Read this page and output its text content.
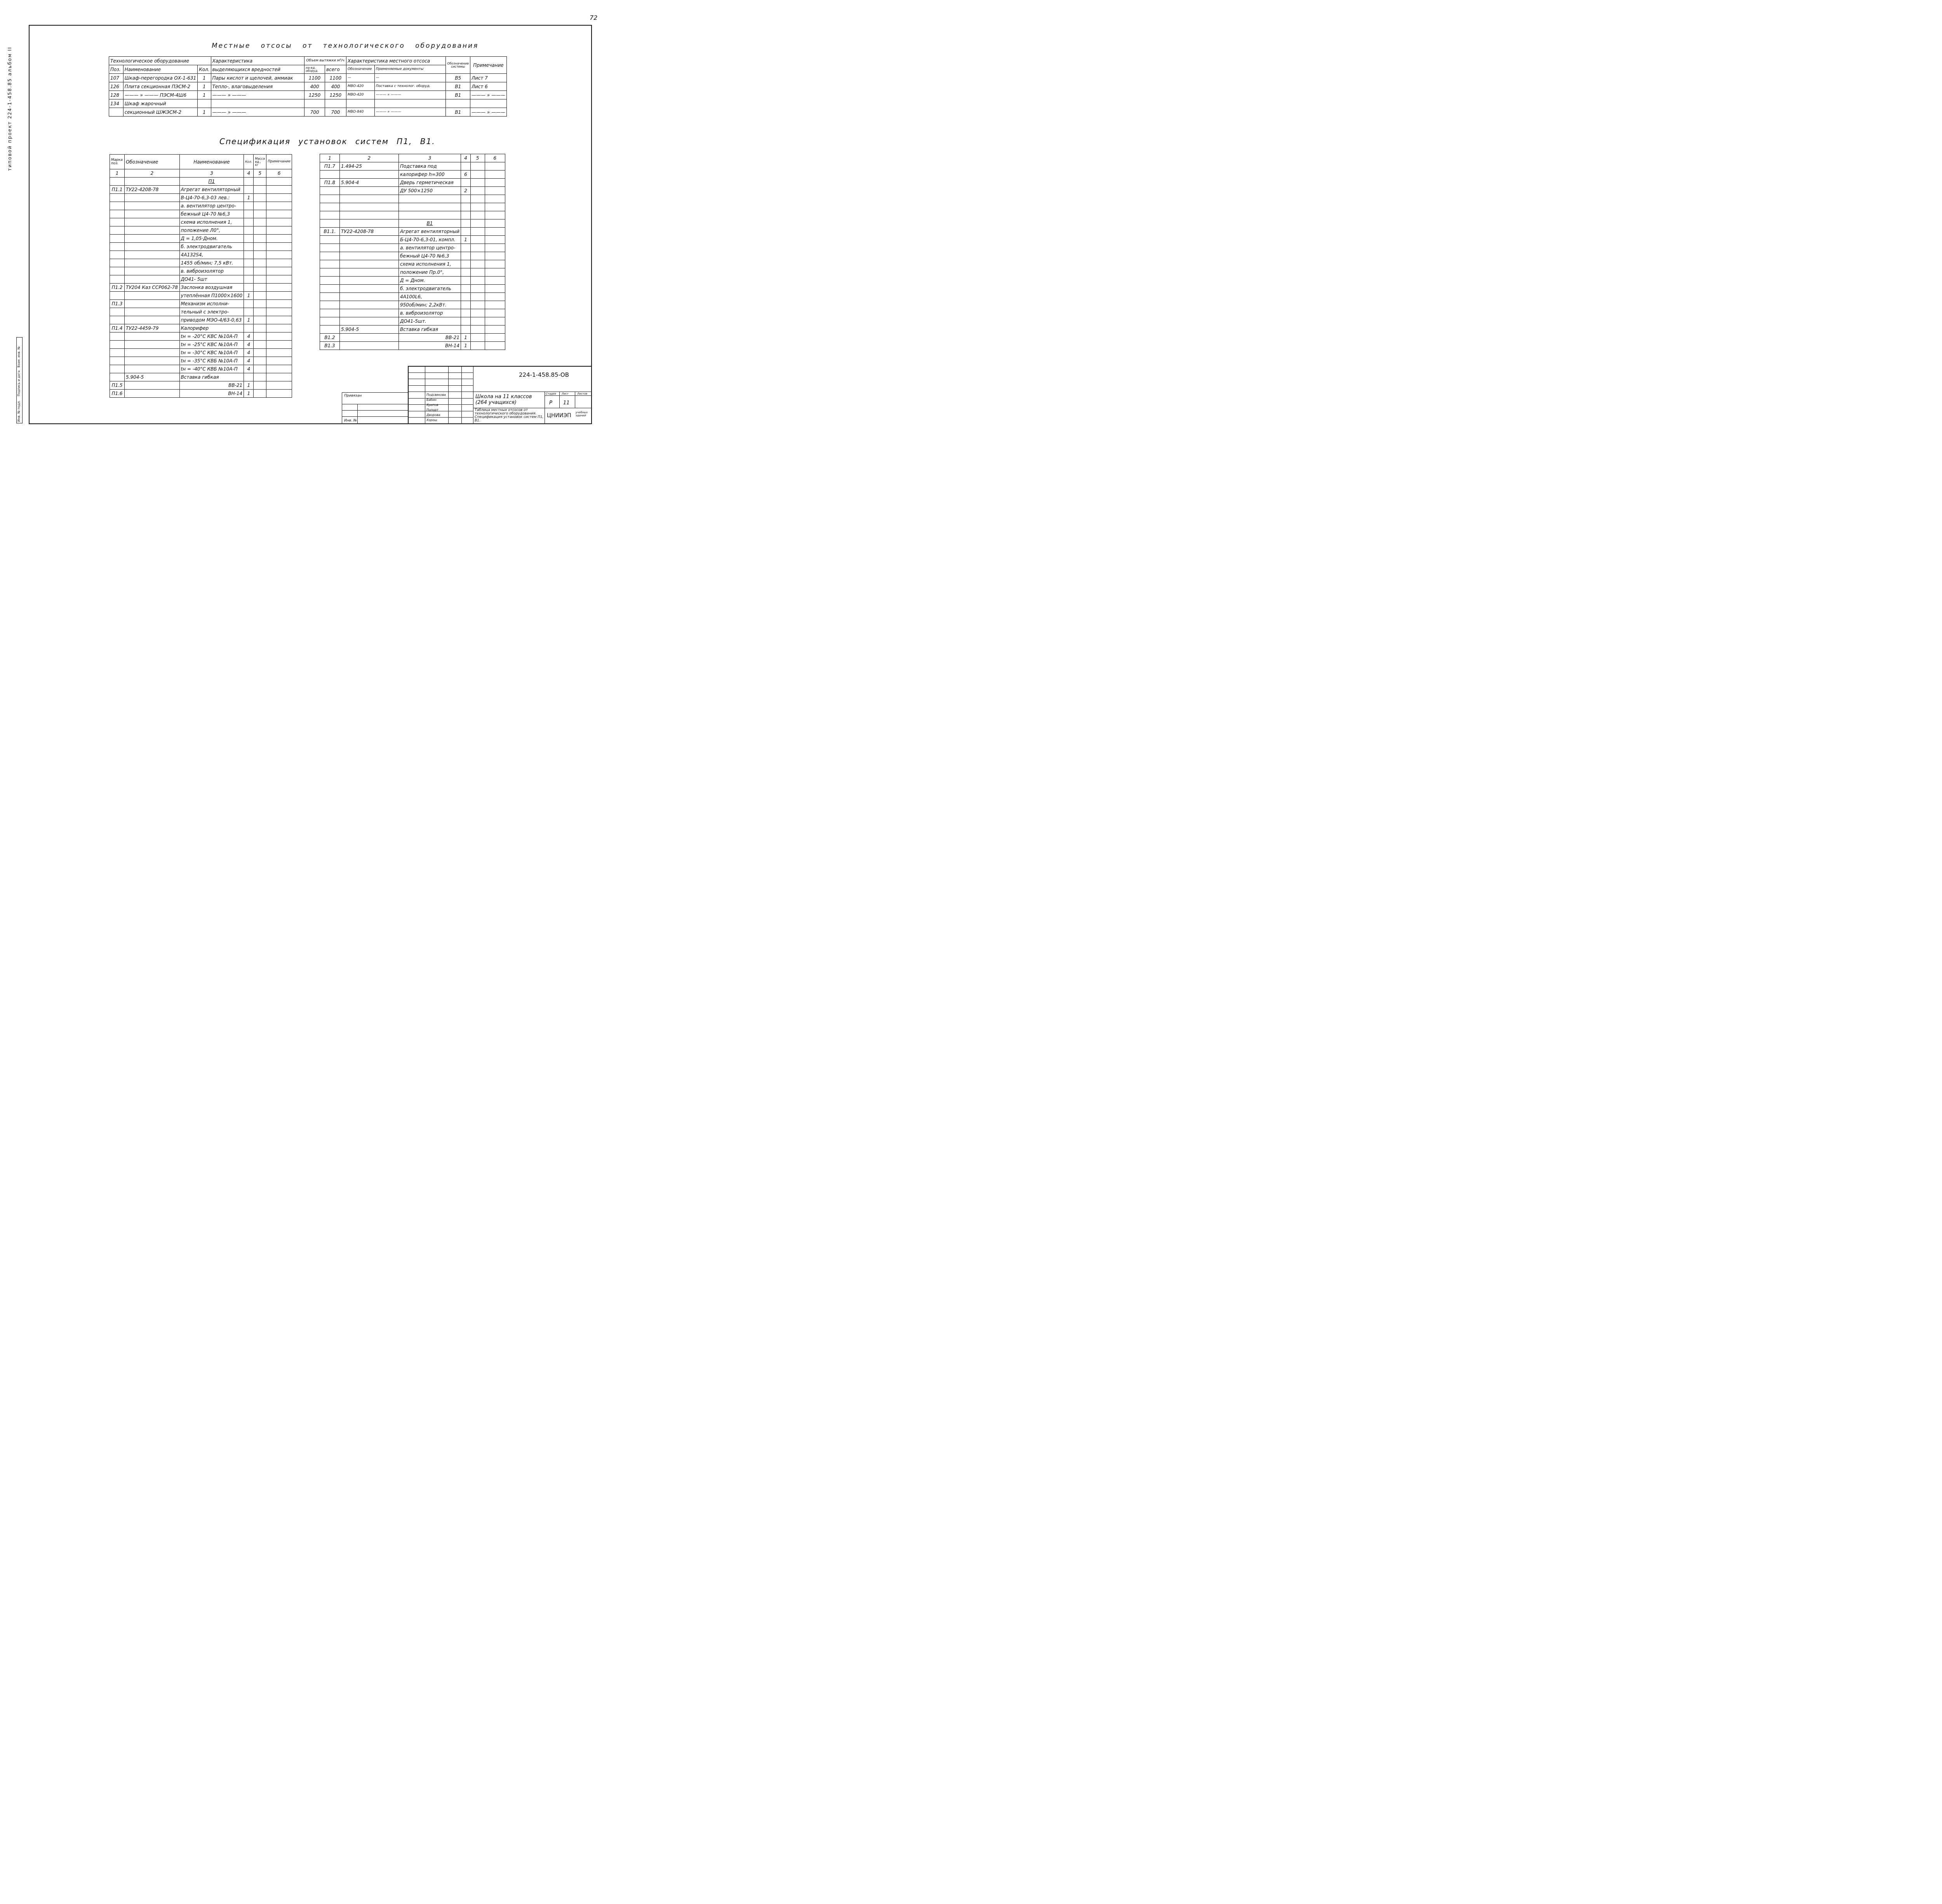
72
типовой проект 224-1-458.85 альбом II
Местные отсосы от технологического оборудования
Технологическое оборудование			Характеристика	Объем вытяжки м³/ч		Характеристика местного отсоса		Обозначение системы	Примечание
Поз.	Наименование	Кол.	выделяющихся вредностей	на ед. оборуд.	всего	Обозначение	Применяемые документы		
107	Шкаф-перегородка ОХ-1-631	1	Пары кислот и щелочей, аммиак	1100	1100	—	—	В5	Лист 7
126	Плита секционная ПЭСМ-2	1	Тепло-, влаговыделения	400	400	МВО-420	Поставка с технолог. оборуд.	В1	Лист 6
128	——— » ——— ПЭСМ-4Ш6	1	——— » ———	1250	1250	МВО-420	——— » ———	В1	——— » ———
134	Шкаф жарочный								
	секционный ШЖЭСМ-2	1	——— » ———	700	700	МВО-840	——— » ———	В1	——— » ———
Спецификация установок систем П1, В1.
Марка поз.	Обозначение	Наименование	Кол.	Масса ед., кг	Примечание
1	2	3	4	5	6
		П1			
П1.1	ТУ22-4208-78	Агрегат вентиляторный			
		В-Ц4-70-6,3-03 лев.:	1		
		а. вентилятор центро-			
		бежный Ц4-70 №6,3			
		схема исполнения 1,			
		положение Л0°,			
		Д = 1,05·Дном.			
		б. электродвигатель			
		4А132S4,			
		1455 об/мин; 7,5 кВт.			
		в. виброизолятор			
		ДО41- 5шт			
П1.2	ТУ204 Каз ССР062-78	Заслонка воздушная			
		утеплённая П1000×1600	1		
П1.3		Механизм исполни-			
		тельный с электро-			
		приводом МЭО-4/63-0,63	1		
П1.4	ТУ22-4459-79	Калорифер			
		tн = -20°C КВС №10А-П	4		
		tн = -25°C КВС №10А-П	4		
		tн = -30°C КВС №10А-П	4		
		tн = -35°C КВБ №10А-П	4		
		tн = -40°C КВБ №10А-П	4		
	5.904-5	Вставка гибкая			
П1.5		ВВ-21	1		
П1.6		ВН-14	1		
1	2	3	4	5	6
П1.7	1.494-25	Подставка под			
		калорифер h=300	6		
П1.8	5.904-4	Дверь герметическая			
		ДУ 500×1250	2		

		В1			
В1.1.	ТУ22-4208-78	Агрегат вентиляторный			
		Б-Ц4-70-6,3-01, компл.	1		
		а. вентилятор центро-			
		бежный Ц4-70 №6,3			
		схема исполнения 1,			
		положение Пр.0°,			
		Д = Дном.			
		б. электродвигатель			
		4А100L6,			
		950об/мин; 2,2кВт.			
		в. виброизолятор			
		ДО41-5шт.			
	5.904-5	Вставка гибкая			
В1.2		ВВ-21	1		
В1.3		ВН-14	1		
Инв. № подл.
Подпись и дата
Взам. инв. №
Привязан
Инв. №
Подсвекова
Бабин
Хрипов
Попорт
Дворова
Хорош
224-1-458.85-ОВ
Школа на 11 классов (264 учащихся)
Стадия Лист	Листов
Р 11
Таблица местных отсосов от технологического оборудования. Спецификация установок систем П1, В1.
ЦНИИЭП учебных зданий
